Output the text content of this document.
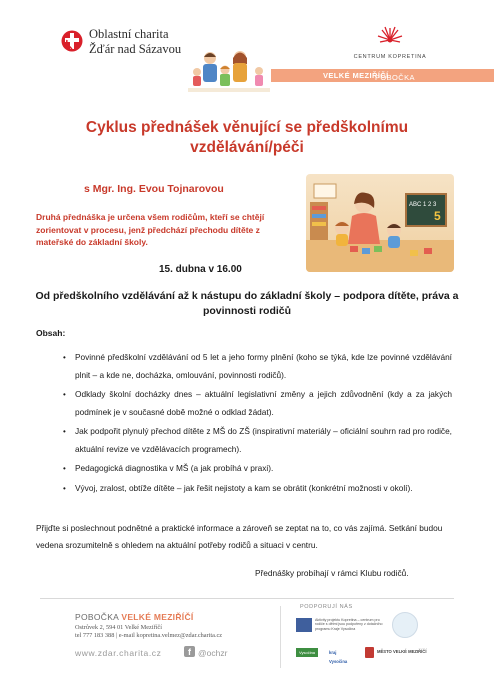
Oblastní charita
Žďár nad Sázavou
CENTRUM KOPRETINA
POBOČKA
VELKÉ MEZIŘÍČÍ
Cyklus přednášek věnující se předškolnímu vzdělávání/péči
s Mgr. Ing. Evou Tojnarovou
Druhá přednáška je určena všem rodičům, kteří se chtějí zorientovat v procesu, jenž předchází přechodu dítěte z mateřské do základní školy.
15. dubna v 16.00
ABC 1 2 3
5
Od předškolního vzdělávání až k nástupu do základní školy – podpora dítěte, práva a povinnosti rodičů
Obsah:
• Povinné předškolní vzdělávání od 5 let a jeho formy plnění (koho se týká, kde lze povinné vzdělávání plnit – a kde ne, docházka, omlouvání, povinnosti rodičů).
• Odklady školní docházky dnes – aktuální legislativní změny a jejich zdůvodnění (kdy a za jakých podmínek je v současné době možné o odklad žádat).
• Jak podpořit plynulý přechod dítěte z MŠ do ZŠ (inspirativní materiály – oficiální souhrn rad pro rodiče, aktuální revize ve vzdělávacích programech).
• Pedagogická diagnostika v MŠ (a jak probíhá v praxi).
• Vývoj, zralost, obtíže dítěte – jak řešit nejistoty a kam se obrátit (konkrétní možnosti v okolí).
Přijďte si poslechnout podnětné a praktické informace a zároveň se zeptat na to, co vás zajímá. Setkání budou vedena srozumitelně s ohledem na aktuální potřeby rodičů a situaci v centru.
Přednášky probíhají v rámci Klubu rodičů.
POBOČKA VELKÉ MEZIŘÍČÍ
Ostrůvek 2, 594 01 Velké Meziříčí
tel 777 183 388 | e-mail kopretina.velmez@zdar.charita.cz
www.zdar.charita.cz	f @ochzr
PODPORUJÍ NÁS
Aktivity projektu Kopretina – centrum pro rodiče s dětmi jsou podpořeny z dotačního programu Kraje Vysočina
Vysočina	kraj Vysočina
MĚSTO VELKÉ MEZIŘÍČÍ
